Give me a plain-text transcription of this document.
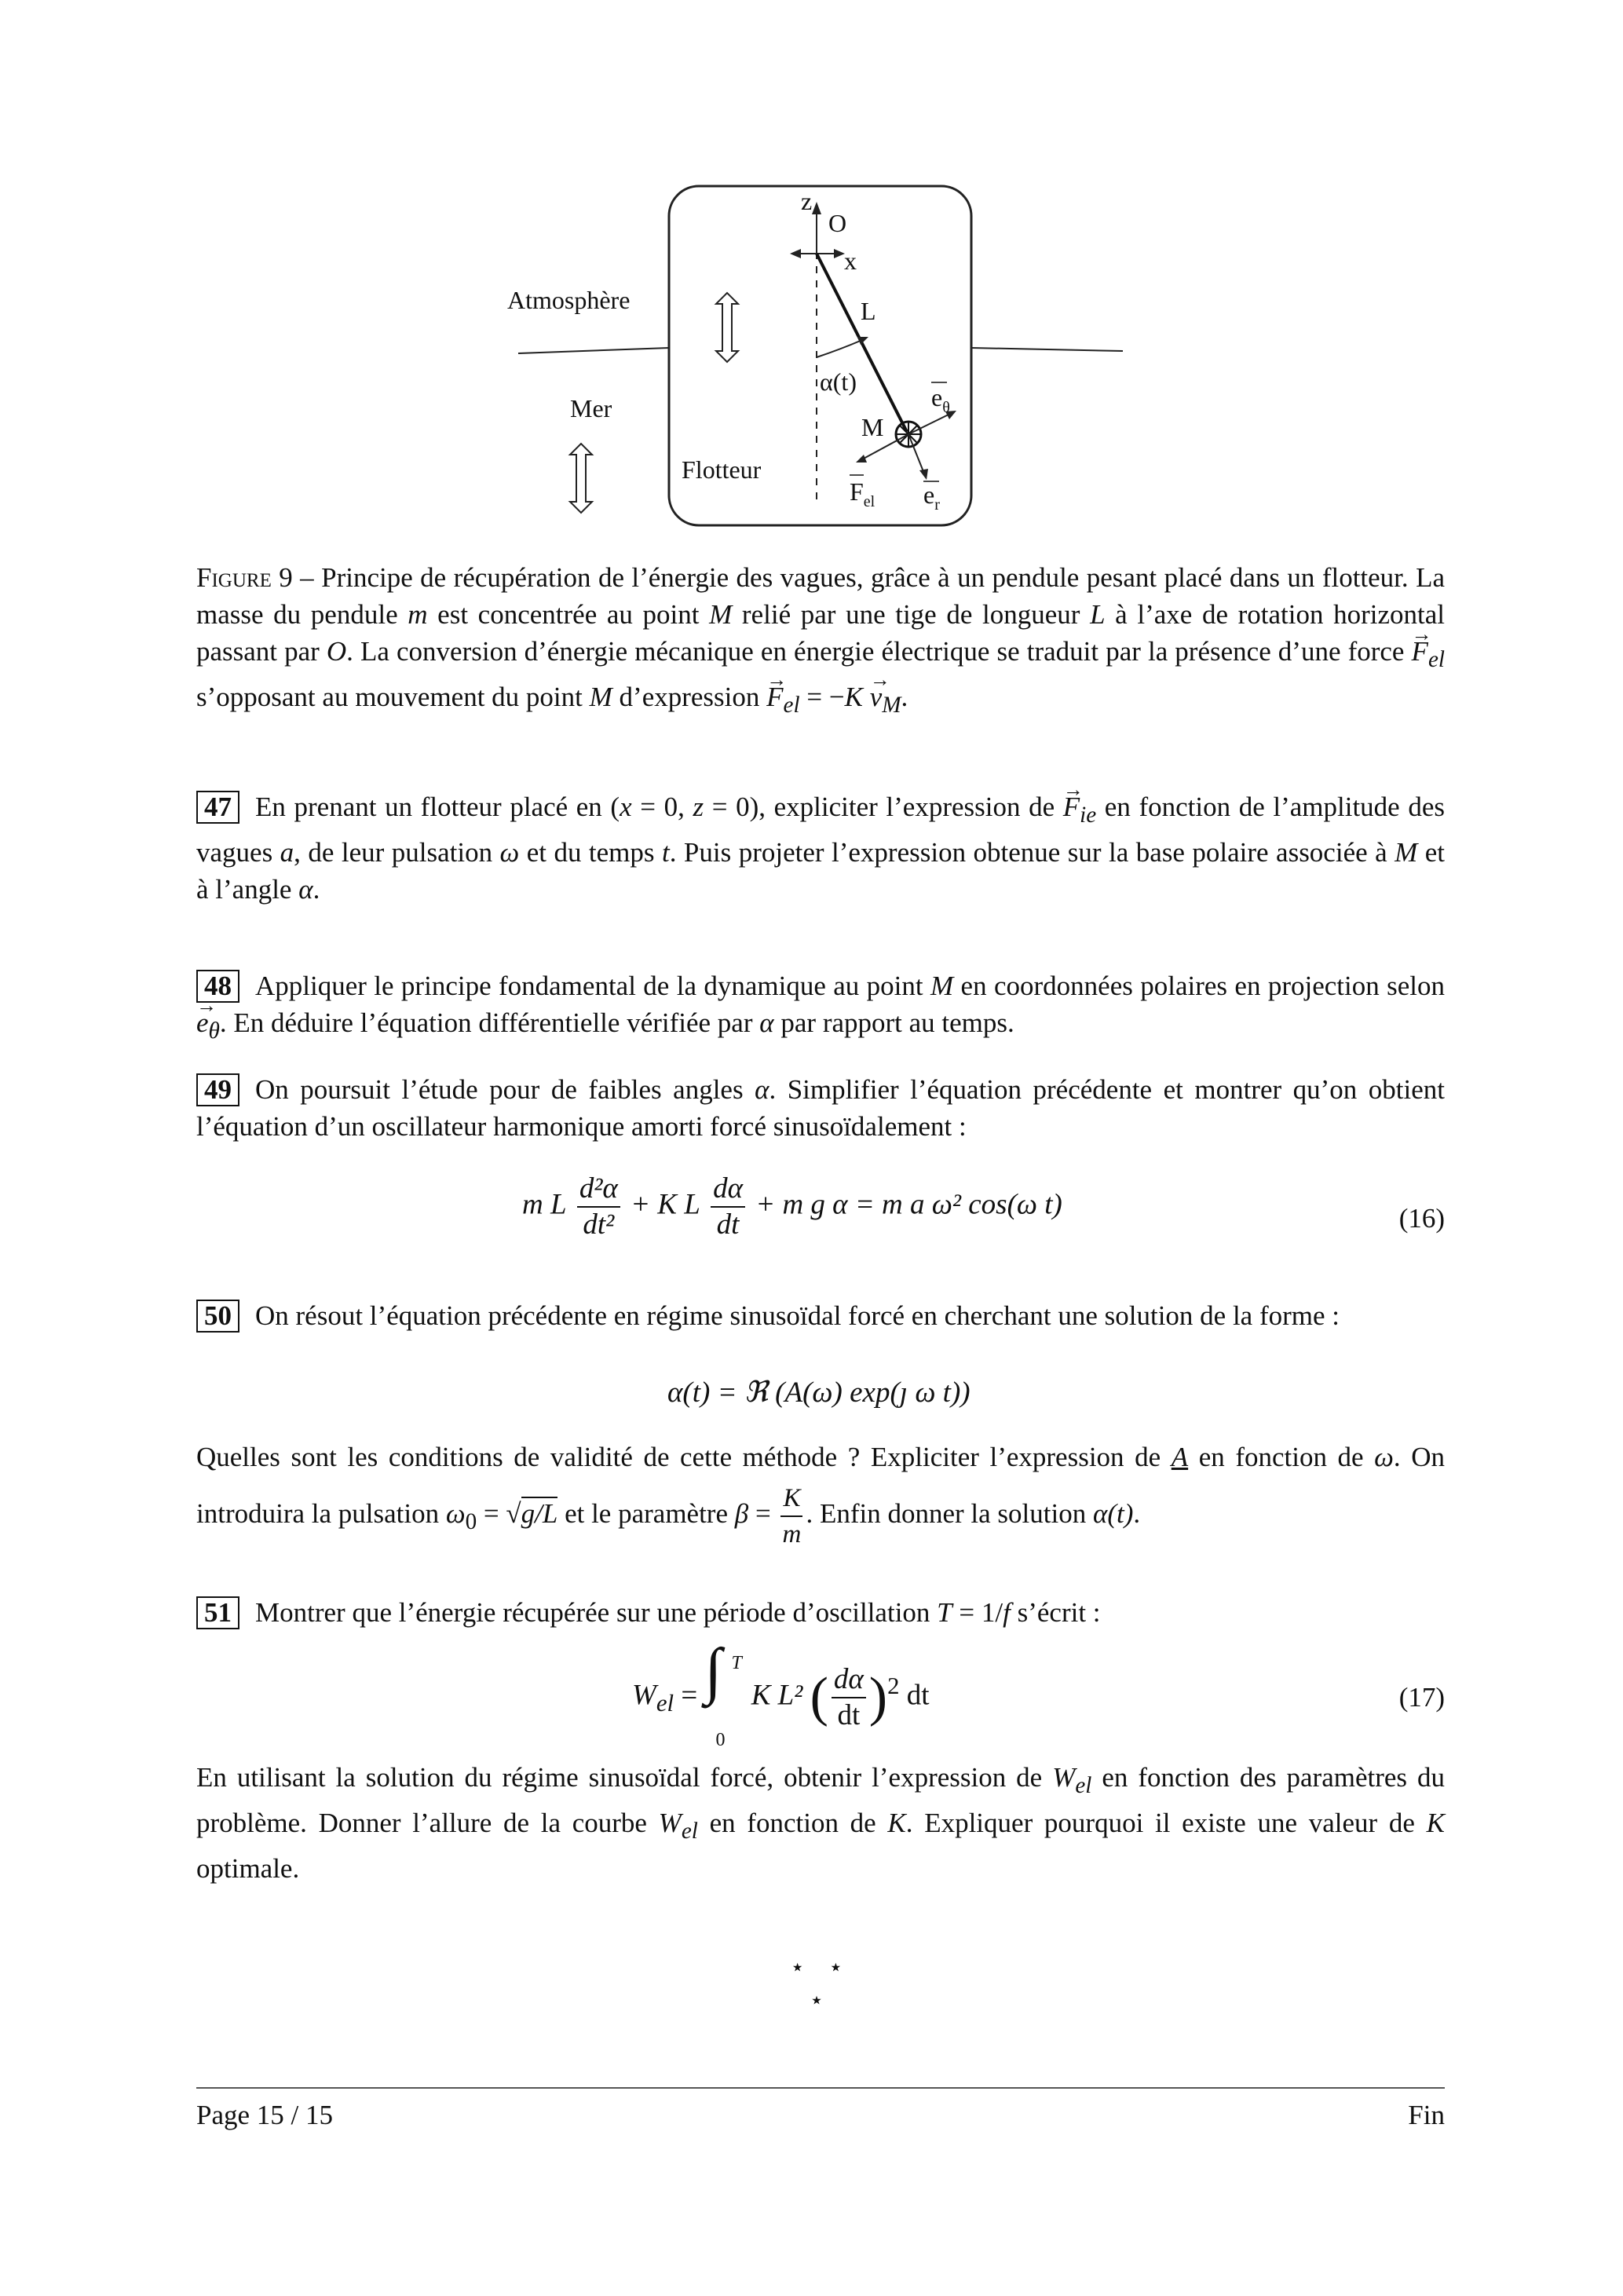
Atmosphère
Mer
Flotteur
z
O
x
L
α(t)
M
$F_{el}$
$e_\theta$
$e_r$

Figure 9 – Principe de récupération de l’énergie des vagues, grâce à un pendule pesant placé dans un flotteur. La masse du pendule m est concentrée au point M relié par une tige de longueur L à l’axe de rotation horizontal passant par O. La conversion d’énergie mécanique en énergie électrique se traduit par la présence d’une force → $F_{el}$ s’opposant au mouvement du point M d’expression → $F_{el} = -K \to v_M$.

47 En prenant un flotteur placé en (x = 0, z = 0), expliciter l’expression de → $F_{ie}$ en fonction de l’amplitude des vagues a, de leur pulsation ω et du temps t. Puis projeter l’expression obtenue sur la base polaire associée à M et à l’angle α.

48 Appliquer le principe fondamental de la dynamique au point M en coordonnées polaires en projection selon → $e_\theta$. En déduire l’équation différentielle vérifiée par α par rapport au temps.

49 On poursuit l’étude pour de faibles angles α. Simplifier l’équation précédente et montrer qu’on obtient l’équation d’un oscillateur harmonique amorti forcé sinusoïdalement :

m L $\frac{\text{d²α}}{\text{dt²}} + K$ L $\frac{d\alpha}{dt} + m$ g α = m a ω² cos(ω t)	(16)

50 On résout l’équation précédente en régime sinusoïdal forcé en cherchant une solution de la forme :

α(t) = ℜ (A(ω) exp(ȷ ω t))

Quelles sont les conditions de validité de cette méthode ? Expliciter l’expression de A en fonction de ω. On introduira la pulsation $\omega_0 = √g/L$ et le paramètre $\beta = \frac{K}{m}$ . Enfin donner la solution α(t).

51 Montrer que l’énergie récupérée sur une période d’oscillation T = 1/f s’écrit :

$W_{el}$ = ∫ T
0
K L² ( $\frac{d\alpha}{dt} )^2$ dt	(17)

En utilisant la solution du régime sinusoïdal forcé, obtenir l’expression de $W_{el}$ en fonction des paramètres du problème. Donner l’allure de la courbe $W_{el}$ en fonction de K. Expliquer pourquoi il existe une valeur de K optimale.

⋆    ⋆
⋆
Page 15 / 15	Fin
